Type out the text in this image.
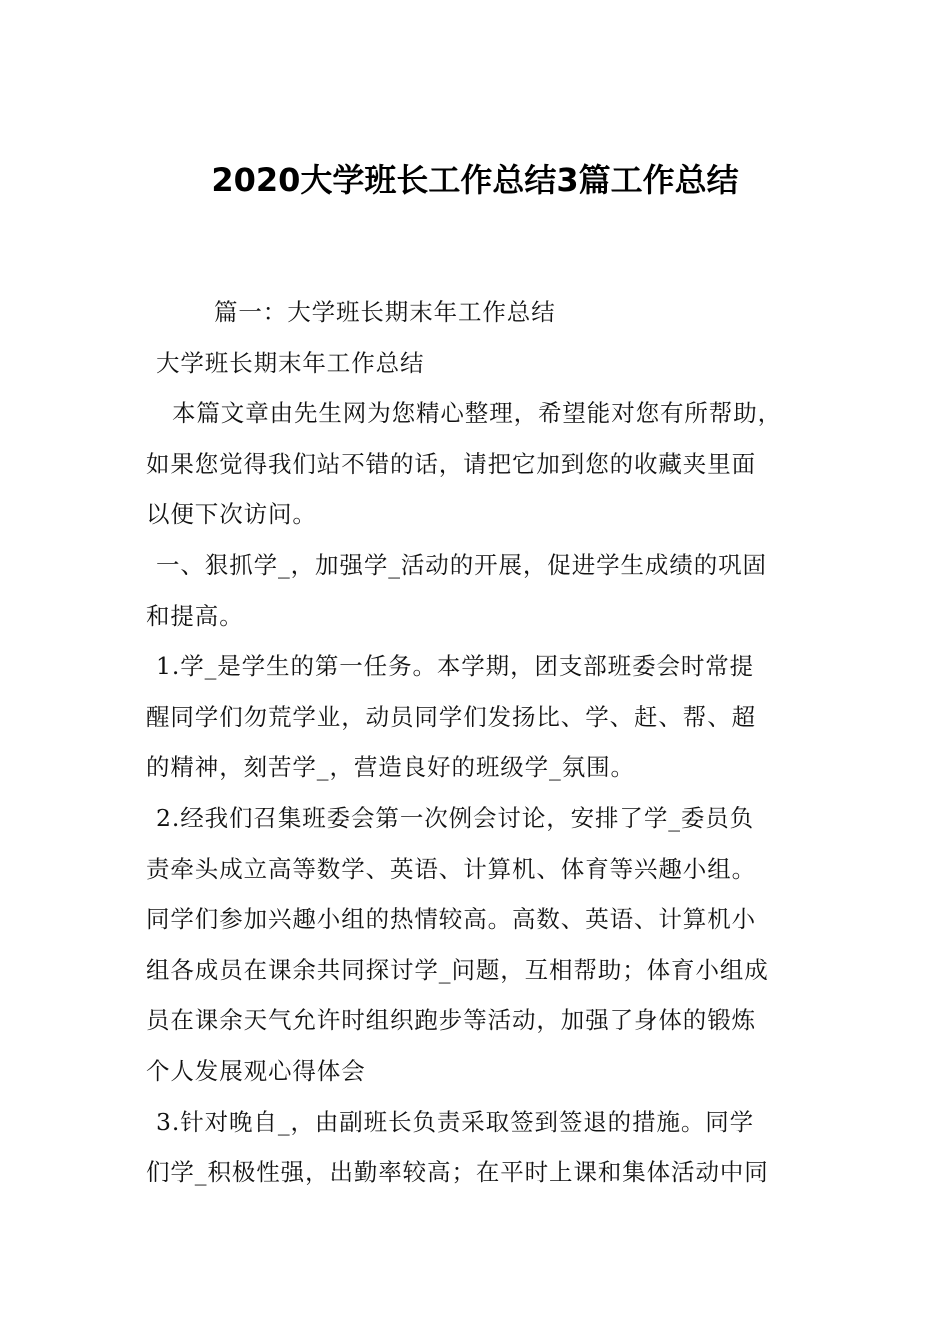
2020大学班长工作总结3篇工作总结

篇一：大学班长期末年工作总结

大学班长期末年工作总结

本篇文章由先生网为您精心整理，希望能对您有所帮助，

如果您觉得我们站不错的话，请把它加到您的收藏夹里面

以便下次访问。

一、狠抓学_，加强学_活动的开展，促进学生成绩的巩固

和提高。

1.学_是学生的第一任务。本学期，团支部班委会时常提

醒同学们勿荒学业，动员同学们发扬比、学、赶、帮、超

的精神，刻苦学_，营造良好的班级学_氛围。

2.经我们召集班委会第一次例会讨论，安排了学_委员负

责牵头成立高等数学、英语、计算机、体育等兴趣小组。

同学们参加兴趣小组的热情较高。高数、英语、计算机小

组各成员在课余共同探讨学_问题，互相帮助；体育小组成

员在课余天气允许时组织跑步等活动，加强了身体的锻炼

个人发展观心得体会

3.针对晚自_，由副班长负责采取签到签退的措施。同学

们学_积极性强，出勤率较高；在平时上课和集体活动中同
